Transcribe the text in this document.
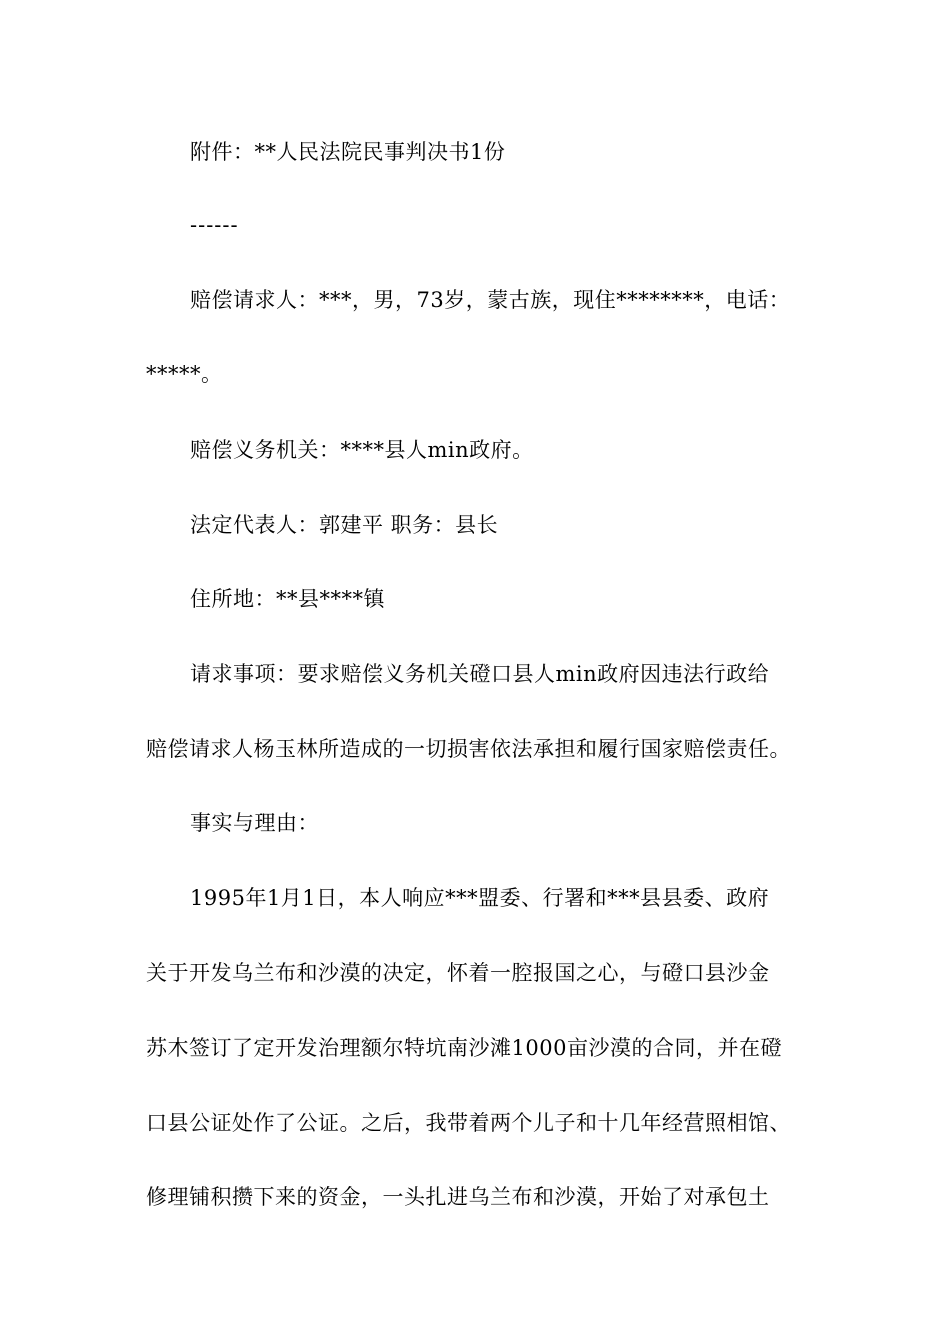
附件：**人民法院民事判决书1份
------
赔偿请求人：***，男，73岁，蒙古族，现住********，电话：
*****。
赔偿义务机关：****县人min政府。
法定代表人：郭建平 职务：县长
住所地：**县****镇
请求事项：要求赔偿义务机关磴口县人min政府因违法行政给
赔偿请求人杨玉林所造成的一切损害依法承担和履行国家赔偿责任。
事实与理由：
1995年1月1日，本人响应***盟委、行署和***县县委、政府
关于开发乌兰布和沙漠的决定，怀着一腔报国之心，与磴口县沙金
苏木签订了定开发治理额尔特坑南沙滩1000亩沙漠的合同，并在磴
口县公证处作了公证。之后，我带着两个儿子和十几年经营照相馆、
修理铺积攒下来的资金，一头扎进乌兰布和沙漠，开始了对承包土
